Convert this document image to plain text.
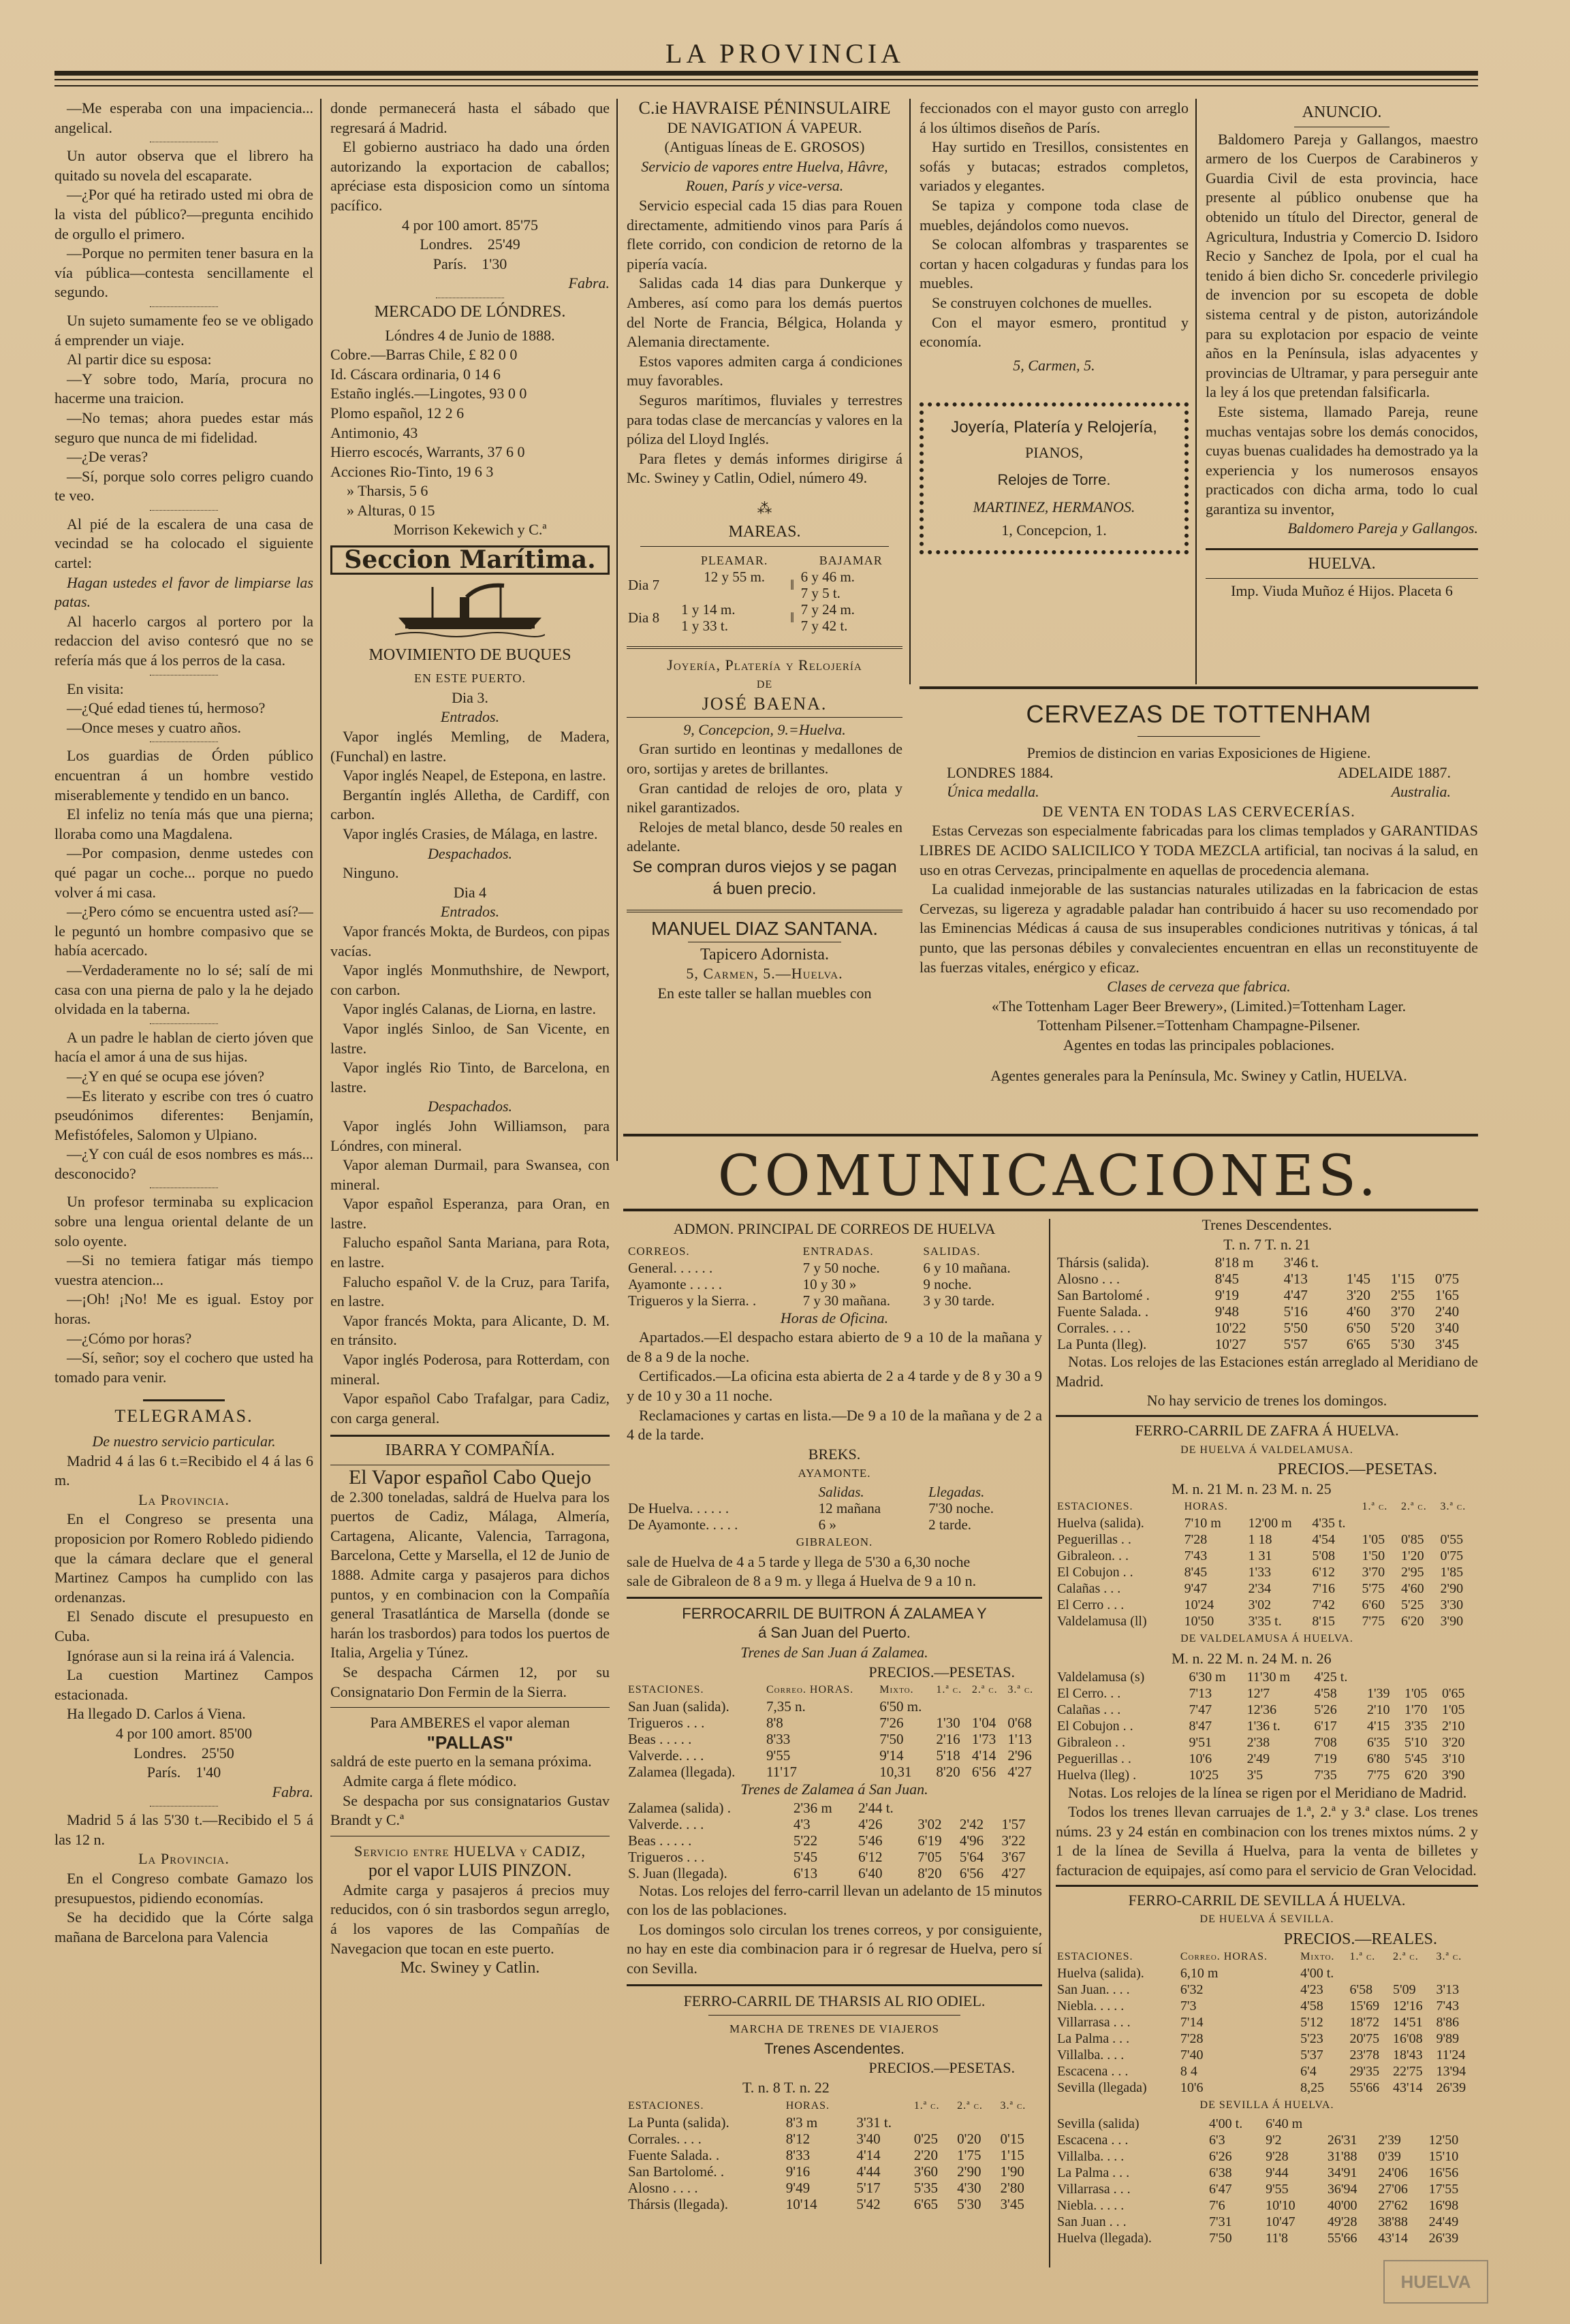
LA PROVINCIA

—Me esperaba con una impaciencia... angelical.

Un autor observa que el librero ha quitado su novela del escaparate.

—¿Por qué ha retirado usted mi obra de la vista del público?—pregunta encihido de orgullo el primero.

—Porque no permiten tener basura en la vía pública—contesta sencillamente el segundo.

Un sujeto sumamente feo se ve obligado á emprender un viaje.

Al partir dice su esposa:

—Y sobre todo, María, procura no hacerme una traicion.

—No temas; ahora puedes estar más seguro que nunca de mi fidelidad.

—¿De veras?

—Sí, porque solo corres peligro cuando te veo.

Al pié de la escalera de una casa de vecindad se ha colocado el siguiente cartel:

Hagan ustedes el favor de limpiarse las patas.

Al hacerlo cargos al portero por la redaccion del aviso contesró que no se refería más que á los perros de la casa.

En visita:

—¿Qué edad tienes tú, hermoso?

—Once meses y cuatro años.

Los guardias de Órden público encuentran á un hombre vestido miserablemente y tendido en un banco.

El infeliz no tenía más que una pierna; lloraba como una Magdalena.

—Por compasion, denme ustedes con qué pagar un coche... porque no puedo volver á mi casa.

—¿Pero cómo se encuentra usted así?—le peguntó un hombre compasivo que se había acercado.

—Verdaderamente no lo sé; salí de mi casa con una pierna de palo y la he dejado olvidada en la taberna.

A un padre le hablan de cierto jóven que hacía el amor á una de sus hijas.

—¿Y en qué se ocupa ese jóven?

—Es literato y escribe con tres ó cuatro pseudónimos diferentes: Benjamín, Mefistófeles, Salomon y Ulpiano.

—¿Y con cuál de esos nombres es más... desconocido?

Un profesor terminaba su explicacion sobre una lengua oriental delante de un solo oyente.

—Si no temiera fatigar más tiempo vuestra atencion...

—¡Oh! ¡No! Me es igual. Estoy por horas.

—¿Cómo por horas?

—Sí, señor; soy el cochero que usted ha tomado para venir.

TELEGRAMAS.

De nuestro servicio particular.

Madrid 4 á las 6 t.=Recibido el 4 á las 6 m.

La Provincia.

En el Congreso se presenta una proposicion por Romero Robledo pidiendo que la cámara declare que el general Martinez Campos ha cumplido con las ordenanzas.

El Senado discute el presupuesto en Cuba.

Ignórase aun si la reina irá á Valencia.

La cuestion Martinez Campos estacionada.

Ha llegado D. Carlos á Viena.

4 por 100 amort. 85'00

Londres. 25'50

París. 1'40

Fabra.

Madrid 5 á las 5'30 t.—Recibido el 5 á las 12 n.

La Provincia.

En el Congreso combate Gamazo los presupuestos, pidiendo economías.

Se ha decidido que la Córte salga mañana de Barcelona para Valencia

donde permanecerá hasta el sábado que regresará á Madrid.

El gobierno austriaco ha dado una órden autorizando la exportacion de caballos; apréciase esta disposicion como un síntoma pacífico.

4 por 100 amort. 85'75

Londres. 25'49

París. 1'30

Fabra.

MERCADO DE LÓNDRES.

Lóndres 4 de Junio de 1888.

Cobre.—Barras Chile, £ 82 0 0

Id. Cáscara ordinaria, 0 14 6

Estaño inglés.—Lingotes, 93 0 0

Plomo español, 12 2 6

Antimonio, 43

Hierro escocés, Warrants, 37 6 0

Acciones Rio-Tinto, 19 6 3

» Tharsis, 5 6

» Alturas, 0 15

Morrison Kekewich y C.ª

Seccion Marítima.
MOVIMIENTO DE BUQUES

EN ESTE PUERTO.

Dia 3.

Entrados.

Vapor inglés Memling, de Madera, (Funchal) en lastre.

Vapor inglés Neapel, de Estepona, en lastre.

Bergantín inglés Alletha, de Cardiff, con carbon.

Vapor inglés Crasies, de Málaga, en lastre.

Despachados.

Ninguno.

Dia 4

Entrados.

Vapor francés Mokta, de Burdeos, con pipas vacías.

Vapor inglés Monmuthshire, de Newport, con carbon.

Vapor inglés Calanas, de Liorna, en lastre.

Vapor inglés Sinloo, de San Vicente, en lastre.

Vapor inglés Rio Tinto, de Barcelona, en lastre.

Despachados.

Vapor inglés John Williamson, para Lóndres, con mineral.

Vapor aleman Durmail, para Swansea, con mineral.

Vapor español Esperanza, para Oran, en lastre.

Falucho español Santa Mariana, para Rota, en lastre.

Falucho español V. de la Cruz, para Tarifa, en lastre.

Vapor francés Mokta, para Alicante, D. M. en tránsito.

Vapor inglés Poderosa, para Rotterdam, con mineral.

Vapor español Cabo Trafalgar, para Cadiz, con carga general.

IBARRA Y COMPAÑÍA.

El Vapor español Cabo Quejo

de 2.300 toneladas, saldrá de Huelva para los puertos de Cadiz, Málaga, Almería, Cartagena, Alicante, Valencia, Tarragona, Barcelona, Cette y Marsella, el 12 de Junio de 1888. Admite carga y pasajeros para dichos puntos, y en combinacion con la Compañía general Trasatlántica de Marsella (donde se harán los trasbordos) para todos los puertos de Italia, Argelia y Túnez.

Se despacha Cármen 12, por su Consignatario Don Fermin de la Sierra.

Para AMBERES el vapor aleman

"PALLAS"

saldrá de este puerto en la semana próxima.

Admite carga á flete módico.

Se despacha por sus consignatarios Gustav Brandt y C.ª

Servicio entre HUELVA y CADIZ,

por el vapor LUIS PINZON.

Admite carga y pasajeros á precios muy reducidos, con ó sin trasbordos segun arreglo, á los vapores de las Compañías de Navegacion que tocan en este puerto.

Mc. Swiney y Catlin.

C.ie HAVRAISE PÉNINSULAIRE

DE NAVIGATION Á VAPEUR.

(Antiguas líneas de E. GROSOS)

Servicio de vapores entre Huelva, Hâvre, Rouen, París y vice-versa.

Servicio especial cada 15 dias para Rouen directamente, admitiendo vinos para París á flete corrido, con condicion de retorno de la pipería vacía.

Salidas cada 14 dias para Dunkerque y Amberes, así como para los demás puertos del Norte de Francia, Bélgica, Holanda y Alemania directamente.

Estos vapores admiten carga á condiciones muy favorables.

Seguros marítimos, fluviales y terrestres para todas clase de mercancías y valores en la póliza del Lloyd Inglés.

Para fletes y demás informes dirigirse á Mc. Swiney y Catlin, Odiel, número 49.

⁂

MAREAS.
	PLEAMAR.		BAJAMAR
Dia 7	12 y 55 m.	‖	6 y 46 m.
			7 y 5 t.
Dia 8	1 y 14 m.	‖	7 y 24 m.
	1 y 33 t.		7 y 42 t.

Joyería, Platería y Relojería

DE

JOSÉ BAENA.

9, Concepcion, 9.=Huelva.

Gran surtido en leontinas y medallones de oro, sortijas y aretes de brillantes.

Gran cantidad de relojes de oro, plata y nikel garantizados.

Relojes de metal blanco, desde 50 reales en adelante.

Se compran duros viejos y se pagan á buen precio.

MANUEL DIAZ SANTANA.

Tapicero Adornista.

5, Carmen, 5.—Huelva.

En este taller se hallan muebles con

feccionados con el mayor gusto con arreglo á los últimos diseños de París.

Hay surtido en Tresillos, consistentes en sofás y butacas; estrados completos, variados y elegantes.

Se tapiza y compone toda clase de muebles, dejándolos como nuevos.

Se colocan alfombras y trasparentes se cortan y hacen colgaduras y fundas para los muebles.

Se construyen colchones de muelles.

Con el mayor esmero, prontitud y economía.

5, Carmen, 5.

Joyería, Platería y Relojería,

PIANOS,

Relojes de Torre.

MARTINEZ, HERMANOS.

1, Concepcion, 1.

ANUNCIO.

Baldomero Pareja y Gallangos, maestro armero de los Cuerpos de Carabineros y Guardia Civil de esta provincia, hace presente al público onubense que ha obtenido un título del Director, general de Agricultura, Industria y Comercio D. Isidoro Recio y Sanchez de Ipola, por el cual ha tenido á bien dicho Sr. concederle privilegio de invencion por su escopeta de doble sistema central y de piston, autorizándole para su explotacion por espacio de veinte años en la Península, islas adyacentes y provincias de Ultramar, y para perseguir ante la ley á los que pretendan falsificarla.

Este sistema, llamado Pareja, reune muchas ventajas sobre los demás conocidos, cuyas buenas cualidades ha demostrado ya la experiencia y los numerosos ensayos practicados con dicha arma, todo lo cual garantiza su inventor,

Baldomero Pareja y Gallangos.

HUELVA.

Imp. Viuda Muñoz é Hijos. Placeta 6

CERVEZAS DE TOTTENHAM

Premios de distincion en varias Exposiciones de Higiene.

LONDRES 1884.	ADELAIDE 1887.

Única medalla.	Australia.

DE VENTA EN TODAS LAS CERVECERÍAS.

Estas Cervezas son especialmente fabricadas para los climas templados y GARANTIDAS LIBRES DE ACIDO SALICILICO Y TODA MEZCLA artificial, tan nocivas á la salud, en uso en otras Cervezas, principalmente en aquellas de procedencia alemana.

La cualidad inmejorable de las sustancias naturales utilizadas en la fabricacion de estas Cervezas, su ligereza y agradable paladar han contribuido á hacer su uso recomendado por las Eminencias Médicas á causa de sus insuperables condiciones nutritivas y tónicas, á tal punto, que las personas débiles y convalecientes encuentran en ellas un reconstituyente de las fuerzas vitales, enérgico y eficaz.

Clases de cerveza que fabrica.

«The Tottenham Lager Beer Brewery», (Limited.)=Tottenham Lager.

Tottenham Pilsener.=Tottenham Champagne-Pilsener.

Agentes en todas las principales poblaciones.

Agentes generales para la Península, Mc. Swiney y Catlin, HUELVA.

COMUNICACIONES.
ADMON. PRINCIPAL DE CORREOS DE HUELVA
CORREOS.	ENTRADAS.	SALIDAS.
General. . . . . .	7 y 50 noche.	6 y 10 mañana.
Ayamonte . . . . .	10 y 30 »	9 noche.
Trigueros y la Sierra. .	7 y 30 mañana.	3 y 30 tarde.

Horas de Oficina.

Apartados.—El despacho estara abierto de 9 a 10 de la mañana y de 8 a 9 de la noche.

Certificados.—La oficina esta abierta de 2 a 4 tarde y de 8 y 30 a 9 y de 10 y 30 a 11 noche.

Reclamaciones y cartas en lista.—De 9 a 10 de la mañana y de 2 a 4 de la tarde.

BREKS.

AYAMONTE.

	Salidas.	Llegadas.
De Huelva. . . . . .	12 mañana	7'30 noche.
De Ayamonte. . . . .	6 »	2 tarde.

GIBRALEON.

sale de Huelva de 4 a 5 tarde y llega de 5'30 a 6,30 noche

sale de Gibraleon de 8 a 9 m. y llega á Huelva de 9 a 10 n.

FERROCARRIL DE BUITRON Á ZALAMEA Y

á San Juan del Puerto.

Trenes de San Juan á Zalamea.

PRECIOS.—PESETAS.

ESTACIONES.	Correo. HORAS.	Mixto.	1.ª c.	2.ª c.	3.ª c.
San Juan (salida).	7,35 n.	6'50 m.			
Trigueros . . .	8'8	7'26	1'30	1'04	0'68
Beas . . . . .	8'33	7'50	2'16	1'73	1'13
Valverde. . . .	9'55	9'14	5'18	4'14	2'96
Zalamea (llegada).	11'17	10,31	8'20	6'56	4'27

Trenes de Zalamea á San Juan.

Zalamea (salida) .	2'36 m	2'44 t.			
Valverde. . . .	4'3	4'26	3'02	2'42	1'57
Beas . . . . .	5'22	5'46	6'19	4'96	3'22
Trigueros . . .	5'45	6'12	7'05	5'64	3'67
S. Juan (llegada).	6'13	6'40	8'20	6'56	4'27

Notas. Los relojes del ferro-carril llevan un adelanto de 15 minutos con los de las poblaciones.

Los domingos solo circulan los trenes correos, y por consiguiente, no hay en este dia combinacion para ir ó regresar de Huelva, pero sí con Sevilla.

FERRO-CARRIL DE THARSIS AL RIO ODIEL.

MARCHA DE TRENES DE VIAJEROS

Trenes Ascendentes.

PRECIOS.—PESETAS.

T. n. 8 T. n. 22

ESTACIONES.	HORAS.		1.ª c.	2.ª c.	3.ª c.
La Punta (salida).	8'3 m	3'31 t.			
Corrales. . . .	8'12	3'40	0'25	0'20	0'15
Fuente Salada. .	8'33	4'14	2'20	1'75	1'15
San Bartolomé. .	9'16	4'44	3'60	2'90	1'90
Alosno . . . .	9'49	5'17	5'35	4'30	2'80
Thársis (llegada).	10'14	5'42	6'65	5'30	3'45

Trenes Descendentes.

T. n. 7 T. n. 21

Thársis (salida).	8'18 m	3'46 t.			
Alosno . . .	8'45	4'13	1'45	1'15	0'75
San Bartolomé .	9'19	4'47	3'20	2'55	1'65
Fuente Salada. .	9'48	5'16	4'60	3'70	2'40
Corrales. . . .	10'22	5'50	6'50	5'20	3'40
La Punta (lleg).	10'27	5'57	6'65	5'30	3'45

Notas. Los relojes de las Estaciones están arreglado al Meridiano de Madrid.

No hay servicio de trenes los domingos.

FERRO-CARRIL DE ZAFRA Á HUELVA.

DE HUELVA Á VALDELAMUSA.

PRECIOS.—PESETAS.

M. n. 21 M. n. 23 M. n. 25

ESTACIONES.	HORAS.			1.ª c.	2.ª c.	3.ª c.
Huelva (salida).	7'10 m	12'00 m	4'35 t.			
Peguerillas . .	7'28	1 18	4'54	1'05	0'85	0'55
Gibraleon. . .	7'43	1 31	5'08	1'50	1'20	0'75
El Cobujon . .	8'45	1'33	6'12	3'70	2'95	1'85
Calañas . . .	9'47	2'34	7'16	5'75	4'60	2'90
El Cerro . . .	10'24	3'02	7'42	6'60	5'25	3'30
Valdelamusa (ll)	10'50	3'35 t.	8'15	7'75	6'20	3'90

DE VALDELAMUSA Á HUELVA.

M. n. 22 M. n. 24 M. n. 26

Valdelamusa (s)	6'30 m	11'30 m	4'25 t.			
El Cerro. . .	7'13	12'7	4'58	1'39	1'05	0'65
Calañas . . .	7'47	12'36	5'26	2'10	1'70	1'05
El Cobujon . .	8'47	1'36 t.	6'17	4'15	3'35	2'10
Gibraleon . .	9'51	2'38	7'08	6'35	5'10	3'20
Peguerillas . .	10'6	2'49	7'19	6'80	5'45	3'10
Huelva (lleg) .	10'25	3'5	7'35	7'75	6'20	3'90

Notas. Los relojes de la línea se rigen por el Meridiano de Madrid.

Todos los trenes llevan carruajes de 1.ª, 2.ª y 3.ª clase. Los trenes núms. 23 y 24 están en combinacion con los trenes mixtos núms. 2 y 1 de la línea de Sevilla á Huelva, para la venta de billetes y facturacion de equipajes, así como para el servicio de Gran Velocidad.

FERRO-CARRIL DE SEVILLA Á HUELVA.

DE HUELVA Á SEVILLA.

PRECIOS.—REALES.

ESTACIONES.	Correo. HORAS.	Mixto.	1.ª c.	2.ª c.	3.ª c.
Huelva (salida).	6,10 m	4'00 t.			
San Juan. . . .	6'32	4'23	6'58	5'09	3'13
Niebla. . . . .	7'3	4'58	15'69	12'16	7'43
Villarrasa . . .	7'14	5'12	18'72	14'51	8'86
La Palma . . .	7'28	5'23	20'75	16'08	9'89
Villalba. . . .	7'40	5'37	23'78	18'43	11'24
Escacena . . .	8 4	6'4	29'35	22'75	13'94
Sevilla (llegada)	10'6	8,25	55'66	43'14	26'39

DE SEVILLA Á HUELVA.

Sevilla (salida)	4'00 t.	6'40 m			
Escacena . . .	6'3	9'2	26'31	2'39	12'50
Villalba. . . .	6'26	9'28	31'88	0'39	15'10
La Palma . . .	6'38	9'44	34'91	24'06	16'56
Villarrasa . . .	6'47	9'55	36'94	27'06	17'55
Niebla. . . . .	7'6	10'10	40'00	27'62	16'98
San Juan . . .	7'31	10'47	49'28	38'88	24'49
Huelva (llegada).	7'50	11'8	55'66	43'14	26'39
HUELVA
